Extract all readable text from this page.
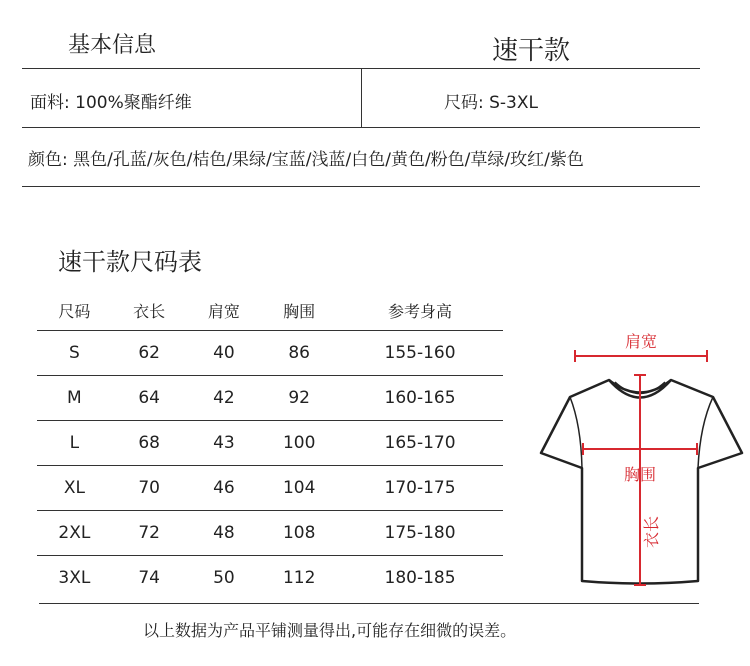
基本信息	速干款
面料: 100%聚酯纤维	尺码: S-3XL
颜色: 黑色/孔蓝/灰色/桔色/果绿/宝蓝/浅蓝/白色/黄色/粉色/草绿/玫红/紫色
速干款尺码表
尺码	衣长	肩宽	胸围	参考身高
S	62	40	86	155-160
M	64	42	92	160-165
L	68	43	100	165-170
XL	70	46	104	170-175
2XL	72	48	108	175-180
3XL	74	50	112	180-185
肩宽
胸围
衣长
以上数据为产品平铺测量得出,可能存在细微的误差。
